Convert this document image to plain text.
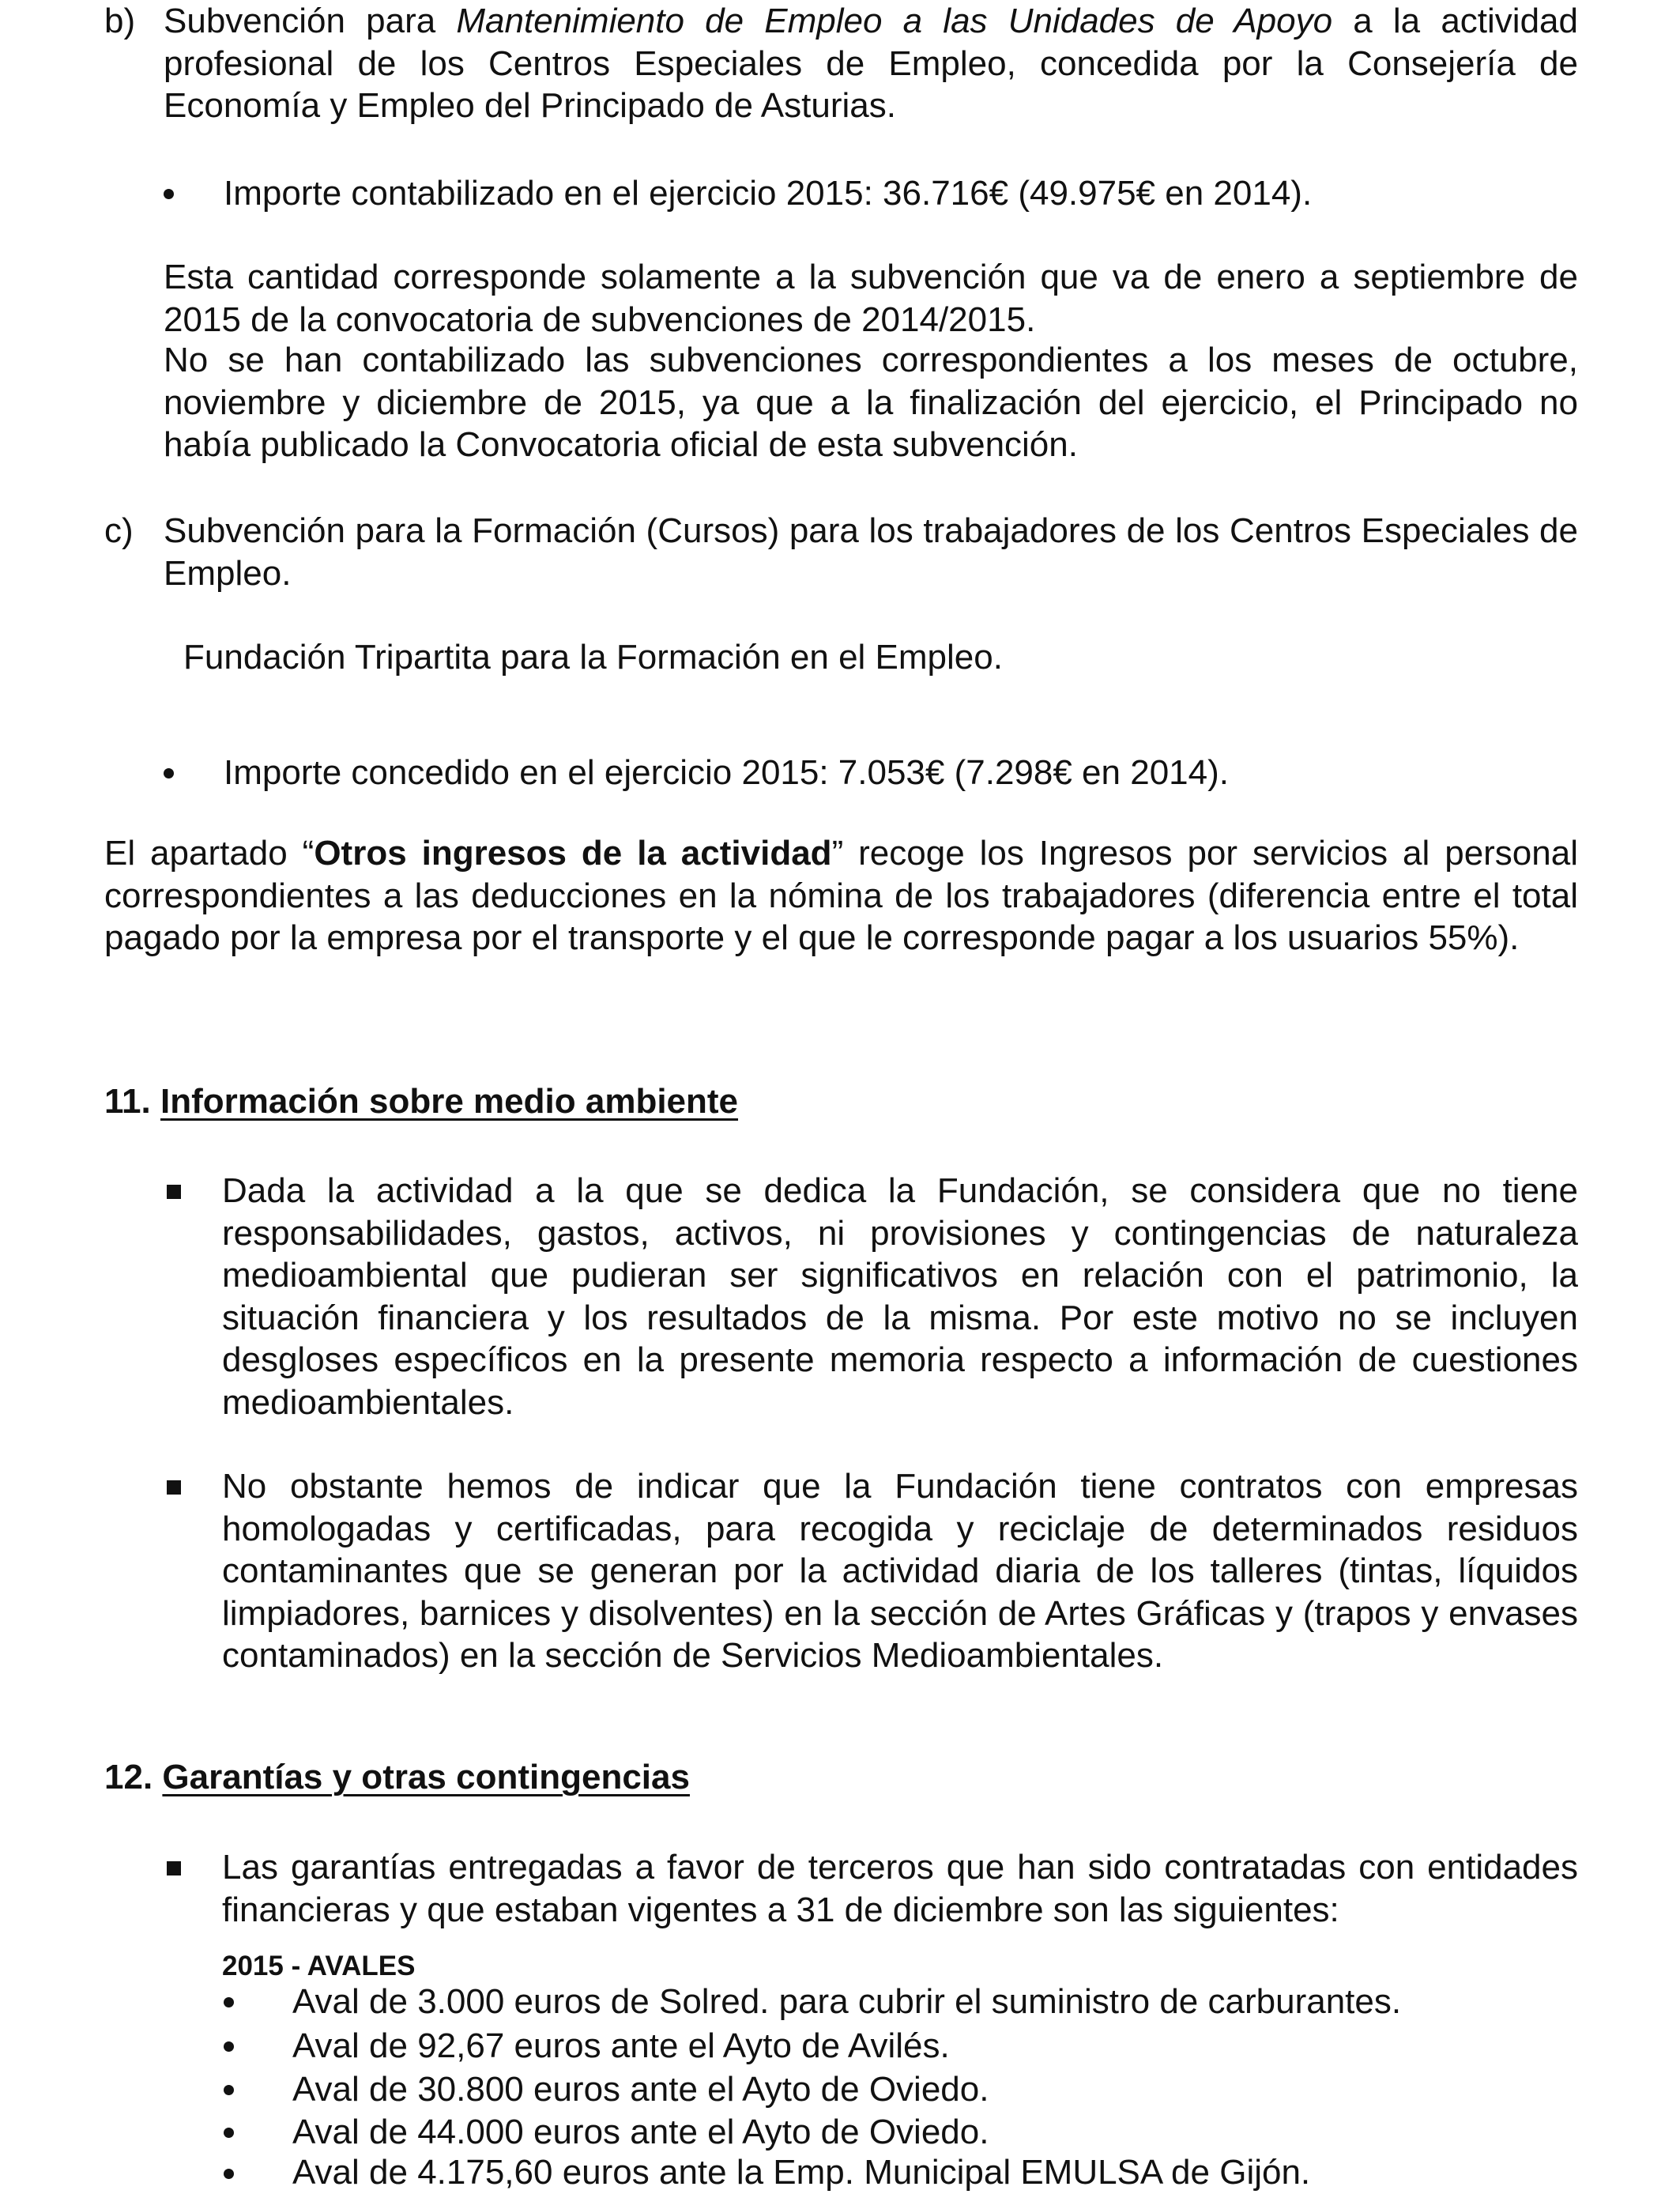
b) Subvención para Mantenimiento de Empleo a las Unidades de Apoyo a la actividad profesional de los Centros Especiales de Empleo, concedida por la Consejería de Economía y Empleo del Principado de Asturias.
Importe contabilizado en el ejercicio 2015: 36.716€ (49.975€ en 2014).
Esta cantidad corresponde solamente a la subvención que va de enero a septiembre de 2015 de la convocatoria de subvenciones de 2014/2015.
No se han contabilizado las subvenciones correspondientes a los meses de octubre, noviembre y diciembre de 2015, ya que a la finalización del ejercicio, el Principado no había publicado la Convocatoria oficial de esta subvención.
c) Subvención para la Formación (Cursos) para los trabajadores de los Centros Especiales de Empleo.
Fundación Tripartita para la Formación en el Empleo.
Importe concedido en el ejercicio 2015: 7.053€ (7.298€ en 2014).
El apartado “Otros ingresos de la actividad” recoge los Ingresos por servicios al personal correspondientes a las deducciones en la nómina de los trabajadores (diferencia entre el total pagado por la empresa por el transporte y el que le corresponde pagar a los usuarios 55%).
11. Información sobre medio ambiente
Dada la actividad a la que se dedica la Fundación, se considera que no tiene responsabilidades, gastos, activos, ni provisiones y contingencias de naturaleza medioambiental que pudieran ser significativos en relación con el patrimonio, la situación financiera y los resultados de la misma. Por este motivo no se incluyen desgloses específicos en la presente memoria respecto a información de cuestiones medioambientales.
No obstante hemos de indicar que la Fundación tiene contratos con empresas homologadas y certificadas, para recogida y reciclaje de determinados residuos contaminantes que se generan por la actividad diaria de los talleres (tintas, líquidos limpiadores, barnices y disolventes) en la sección de Artes Gráficas y (trapos y envases contaminados) en la sección de Servicios Medioambientales.
12. Garantías y otras contingencias
Las garantías entregadas a favor de terceros que han sido contratadas con entidades financieras y que estaban vigentes a 31 de diciembre son las siguientes:
2015 - AVALES
Aval de 3.000 euros de Solred. para cubrir el suministro de carburantes.
Aval de 92,67 euros ante el Ayto de Avilés.
Aval de 30.800 euros ante el Ayto de Oviedo.
Aval de 44.000 euros ante el Ayto de Oviedo.
Aval de 4.175,60 euros ante la Emp. Municipal EMULSA de Gijón.
